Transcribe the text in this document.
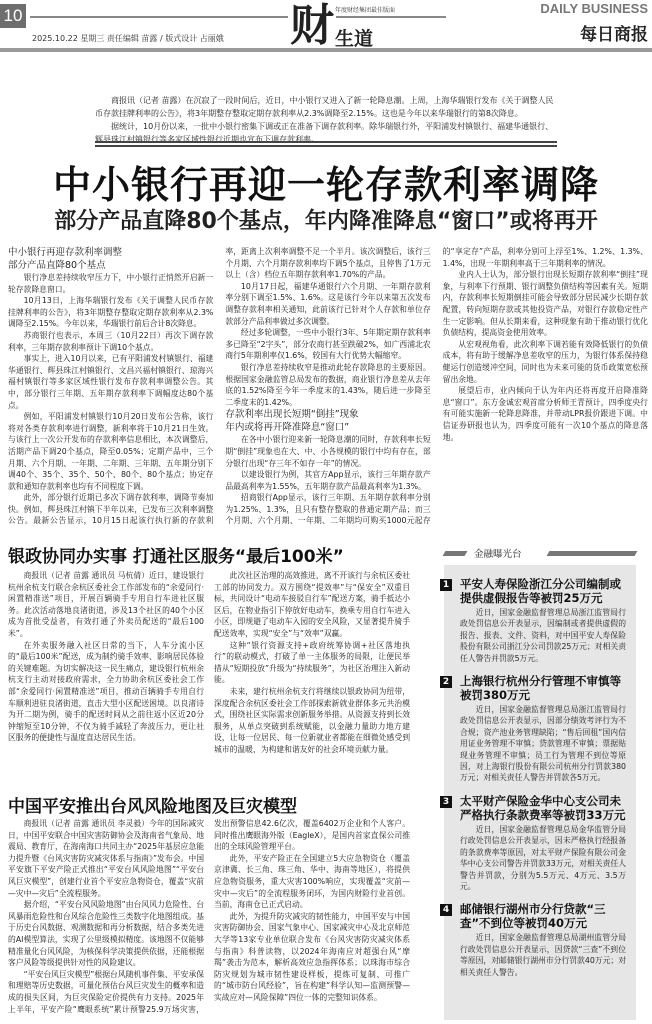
10
2025.10.22 星期三 责任编辑 苗露 / 版式设计 占丽娥 财 年度财经集团最佳版面
生道
DAILY BUSINESS
每日商报

商报讯（记者 苗露）在沉寂了一段时间后，近日，中小银行又进入了新一轮降息潮。上周，上海华瑞银行发布《关于调整人民币存款挂牌利率的公告》，将3年期整存整取定期存款利率从2.3%调降至2.15%。这也是今年以来华瑞银行的第8次降息。

据统计，10月份以来，一批中小银行密集下调或正在准备下调存款利率。除华瑞银行外，平阳浦发村镇银行、福建华通银行、辉县珠江村镇银行等多家区域性银行近期也宣布下调存款利率。

中小银行再迎一轮存款利率调降
部分产品直降80个基点，年内降准降息“窗口”或将再开
中小银行再迎存款利率调整
部分产品直降80个基点

银行净息差持续收窄压力下，中小银行正悄然开启新一轮存款降息窗口。

10月13日，上海华瑞银行发布《关于调整人民币存款挂牌利率的公告》，将3年期整存整取定期存款利率从2.3%调降至2.15%。今年以来，华瑞银行前后合计8次降息。

苏商银行也表示，本周三（10月22日）再次下调存款利率，三年期存款利率预计下调10个基点。

事实上，进入10月以来，已有平阳浦发村镇银行、福建华通银行、辉县珠江村镇银行、文昌兴福村镇银行、琼海兴福村镇银行等多家区域性银行发布存款利率调整公告。其中，部分银行三年期、五年期存款利率下调幅度达80个基点。

例如，平阳浦发村镇银行10月20日发布公告称，该行将对各类存款利率进行调整，新利率将于10月21日生效。与该行上一次公开发布的存款利率信息相比，本次调整后，活期产品下调20个基点，降至0.05%；定期产品中，三个月期、六个月期、一年期、二年期、三年期、五年期分别下调40个、35个、35个、50个、80个、80个基点；协定存款和通知存款利率也均有不同程度下调。

此外，部分银行近期已多次下调存款利率，调降节奏加快。例如，辉县珠江村镇下半年以来，已发布三次利率调整公告。最新公告显示，10月15日起该行执行新的存款利率，距离上次利率调整不足一个半月。该次调整后，该行三个月期、六个月期存款利率均下调5个基点，且停售了1万元以上（含）档位五年期存款利率1.70%的产品。

10月17日起，福建华通银行六个月期、一年期存款利率分别下调至1.5%、1.6%。这是该行今年以来第五次发布调整存款利率相关通知，此前该行已针对个人存款和单位存款部分产品利率做过多次调整。

经过多轮调整，一些中小银行3年、5年期定期存款利率多已降至“2字头”，部分农商行甚至跌破2%，如广西浦北农商行5年期利率仅1.6%，较国有大行优势大幅缩窄。

银行净息差持续收窄是推动此轮存款降息的主要原因。根据国家金融监管总局发布的数据，商业银行净息差从去年底的1.52%降至今年一季度末的1.43%，随后进一步降至二季度末的1.42%。

存款利率出现长短期“倒挂”现象
年内或将再开降准降息“窗口”

在各中小银行迎来新一轮降息潮的同时，存款利率长短期“倒挂”现象也在大、中、小各规模的银行中均有存在，部分银行出现“存三年不如存一年”的情况。

以建设银行为例，其官方App显示，该行三年期存款产品最高利率为1.55%，五年期存款产品最高利率为1.3%。

招商银行App显示，该行三年期、五年期存款利率分别为1.25%、1.3%，且只有整存整取的普通定期产品；而三个月期、六个月期、一年期、二年期均可购买1000元起存的“享定存”产品，利率分别可上浮至1%、1.2%、1.3%、1.4%，出现一年期利率高于三年期利率的情况。

业内人士认为，部分银行出现长短期存款利率“倒挂”现象，与利率下行预期、银行调整负债结构等因素有关。短期内，存款利率长短期倒挂可能会导致部分居民减少长期存款配置，转向短期存款或其他投资产品，对银行存款稳定性产生一定影响。但从长期来看，这种现象有助于推动银行优化负债结构，提高资金使用效率。

从宏观视角看，此次利率下调若能有效降低银行的负债成本，将有助于缓解净息差收窄的压力，为银行体系保持稳健运行创造缓冲空间，同时也为未来可能的货币政策宽松预留出余地。

展望后市，业内倾向于认为年内还将再度开启降准降息“窗口”。东方金诚宏观首席分析师王青预计，四季度央行有可能实施新一轮降息降准，并带动LPR报价跟进下调。中信证券研报也认为，四季度可能有一次10个基点的降息落地。

银政协同办实事 打通社区服务“最后100米”

商报讯（记者 苗露 通讯员 马杭倩）近日，建设银行杭州余杭支行联合余杭区委社会工作部发布的“余爱同行·闲置精准送”项目，开展百辆骑手专用自行车进社区服务。此次活动落地良渚街道，涉及13个社区的40个小区成为首批受益者，有效打通了外卖员配送的“最后100米”。

在外卖服务融入社区日常的当下，人车分流小区的“最后100米”配送，成为制约骑手效率、影响居民体验的关键难题。为切实解决这一民生痛点，建设银行杭州余杭支行主动对接政府需求，全力协助余杭区委社会工作部“余爱同行·闲置精准送”项目，推动百辆骑手专用自行车顺利进驻良渚街道，直击大型小区配送困境。以良渚诗为开二期为例，骑手的配送时间从之前往返小区近20分钟缩短至10分钟，不仅为骑手减轻了奔波压力，更让社区服务的便捷性与温度直达居民生活。

此次社区治理的高效推进，离不开该行与余杭区委社工部的协同发力。双方围绕“提效率”与“保安全”双重目标，共同设计“电动车接驳自行车”配送方案，骑手抵达小区后，在物业指引下停放好电动车，换乘专用自行车进入小区，即规避了电动车入园的安全风险，又显著提升骑手配送效率，实现“安全”与“效率”双赢。

这种“银行资源支持+政府统筹协调+社区落地执行”的联动模式，打破了单一主体服务的局限，让便民举措从“短期投放”升级为“持续服务”，为社区治理注入新动能。

未来，建行杭州余杭支行将继续以银政协同为纽带，深度配合余杭区委社会工作部探索新就业群体多元共治模式，围绕社区实际需求创新服务举措。从资源支持到长效服务，从单点突破到系统赋能，以金融力量助力地方建设，让每一位居民、每一位新就业者都能在细微处感受到城市的温暖，为构建和谐友好的社会环境贡献力量。

中国平安推出台风风险地图及巨灾模型

商报讯（记者 苗露 通讯员 李灵毅）今年的国际减灾日，中国平安联合中国灾害防御协会及海南省气象局、地震局、教育厅，在海南海口共同主办“2025年基层应急能力提升暨《台风灾害防灾减灾体系与指南》”发布会。中国平安旗下平安产险正式推出“平安台风风险地图”“平安台风巨灾模型”，创建行业首个平安应急物资仓，覆盖“灾前—灾中—灾后”全流程服务。

据介绍，“平安台风风险地图”由台风风力危险性、台风暴雨危险性和台风综合危险性三类数字化地图组成。基于历史台风数据、观测数据和再分析数据，结合多类先进的AI模型算法，实现了公里级模拟精度。该地图不仅能够精准量化台风风险，为核保科学决策提供依据，还能根据客户风险等级提供针对性的风险建议。

“平安台风巨灾模型”根据台风随机事件集、平安承保和理赔等历史数据，可量化预估台风巨灾发生的概率和造成的损失区间，为巨灾保险定价提供有力支持。2025年上半年，平安产险“鹰眼系统”累计预警25.9万场灾害，发出预警信息42.6亿次，覆盖6402万企业和个人客户。同时推出鹰眼海外版（EagleX），是国内首家直保公司推出的全球风险管理平台。

此外，平安产险正在全国建立5大应急物资仓（覆盖京津冀、长三角、珠三角、华中、海南等地区），将提供应急物资服务，重大灾害100%响应，实现覆盖“灾前—灾中—灾后”的全流程服务闭环，为国内财险行业首创。当前，海南仓已正式启动。

此外，为提升防灾减灾的韧性能力，中国平安与中国灾害防御协会、国家气象中心、国家减灾中心及北京师范大学等13家专业单位联合发布《台风灾害防灾减灾体系与指南》科普读物，以2024年海南应对超强台风“摩羯”袭击为范本，解析高效应急指挥体系；以珠海市综合防灾规划为城市韧性建设样板，提炼可复制、可推广的“城市防台风经验”，旨在构建“科学认知—监测预警—实战应对—风险保障”四位一体的完整知识体系。

金融曝光台
1 平安人寿保险浙江分公司编制或提供虚假报告等被罚25万元

近日，国家金融监督管理总局浙江监管局行政处罚信息公开表显示，因编制或者提供虚假的报告、报表、文件、资料，对中国平安人寿保险股份有限公司浙江分公司罚款25万元；对相关责任人警告并罚款5万元。

2 上海银行杭州分行管理不审慎等被罚380万元

近日，国家金融监督管理总局浙江监管局行政处罚信息公开表显示，因部分绩效考评行为不合规；资产池业务管理缺陷；“售后回租”国内信用证业务管理不审慎；贷款管理不审慎；票据贴现业务管理不审慎；员工行为管理不到位等原因，对上海银行股份有限公司杭州分行罚款380万元；对相关责任人警告并罚款各5万元。

3 太平财产保险金华中心支公司未严格执行条款费率等被罚33万元

近日，国家金融监督管理总局金华监管分局行政处罚信息公开表显示，因未严格执行经报备的条款费率等原因，对太平财产保险有限公司金华中心支公司警告并罚款33万元，对相关责任人警告并罚款，分别为5.5万元、4万元、3.5万元。

4 邮储银行湖州市分行贷款“三查”不到位等被罚40万元

近日，国家金融监督管理总局湖州监管分局行政处罚信息公开表显示，因贷款“三查”不到位等原因，对邮储银行湖州市分行罚款40万元；对相关责任人警告。
